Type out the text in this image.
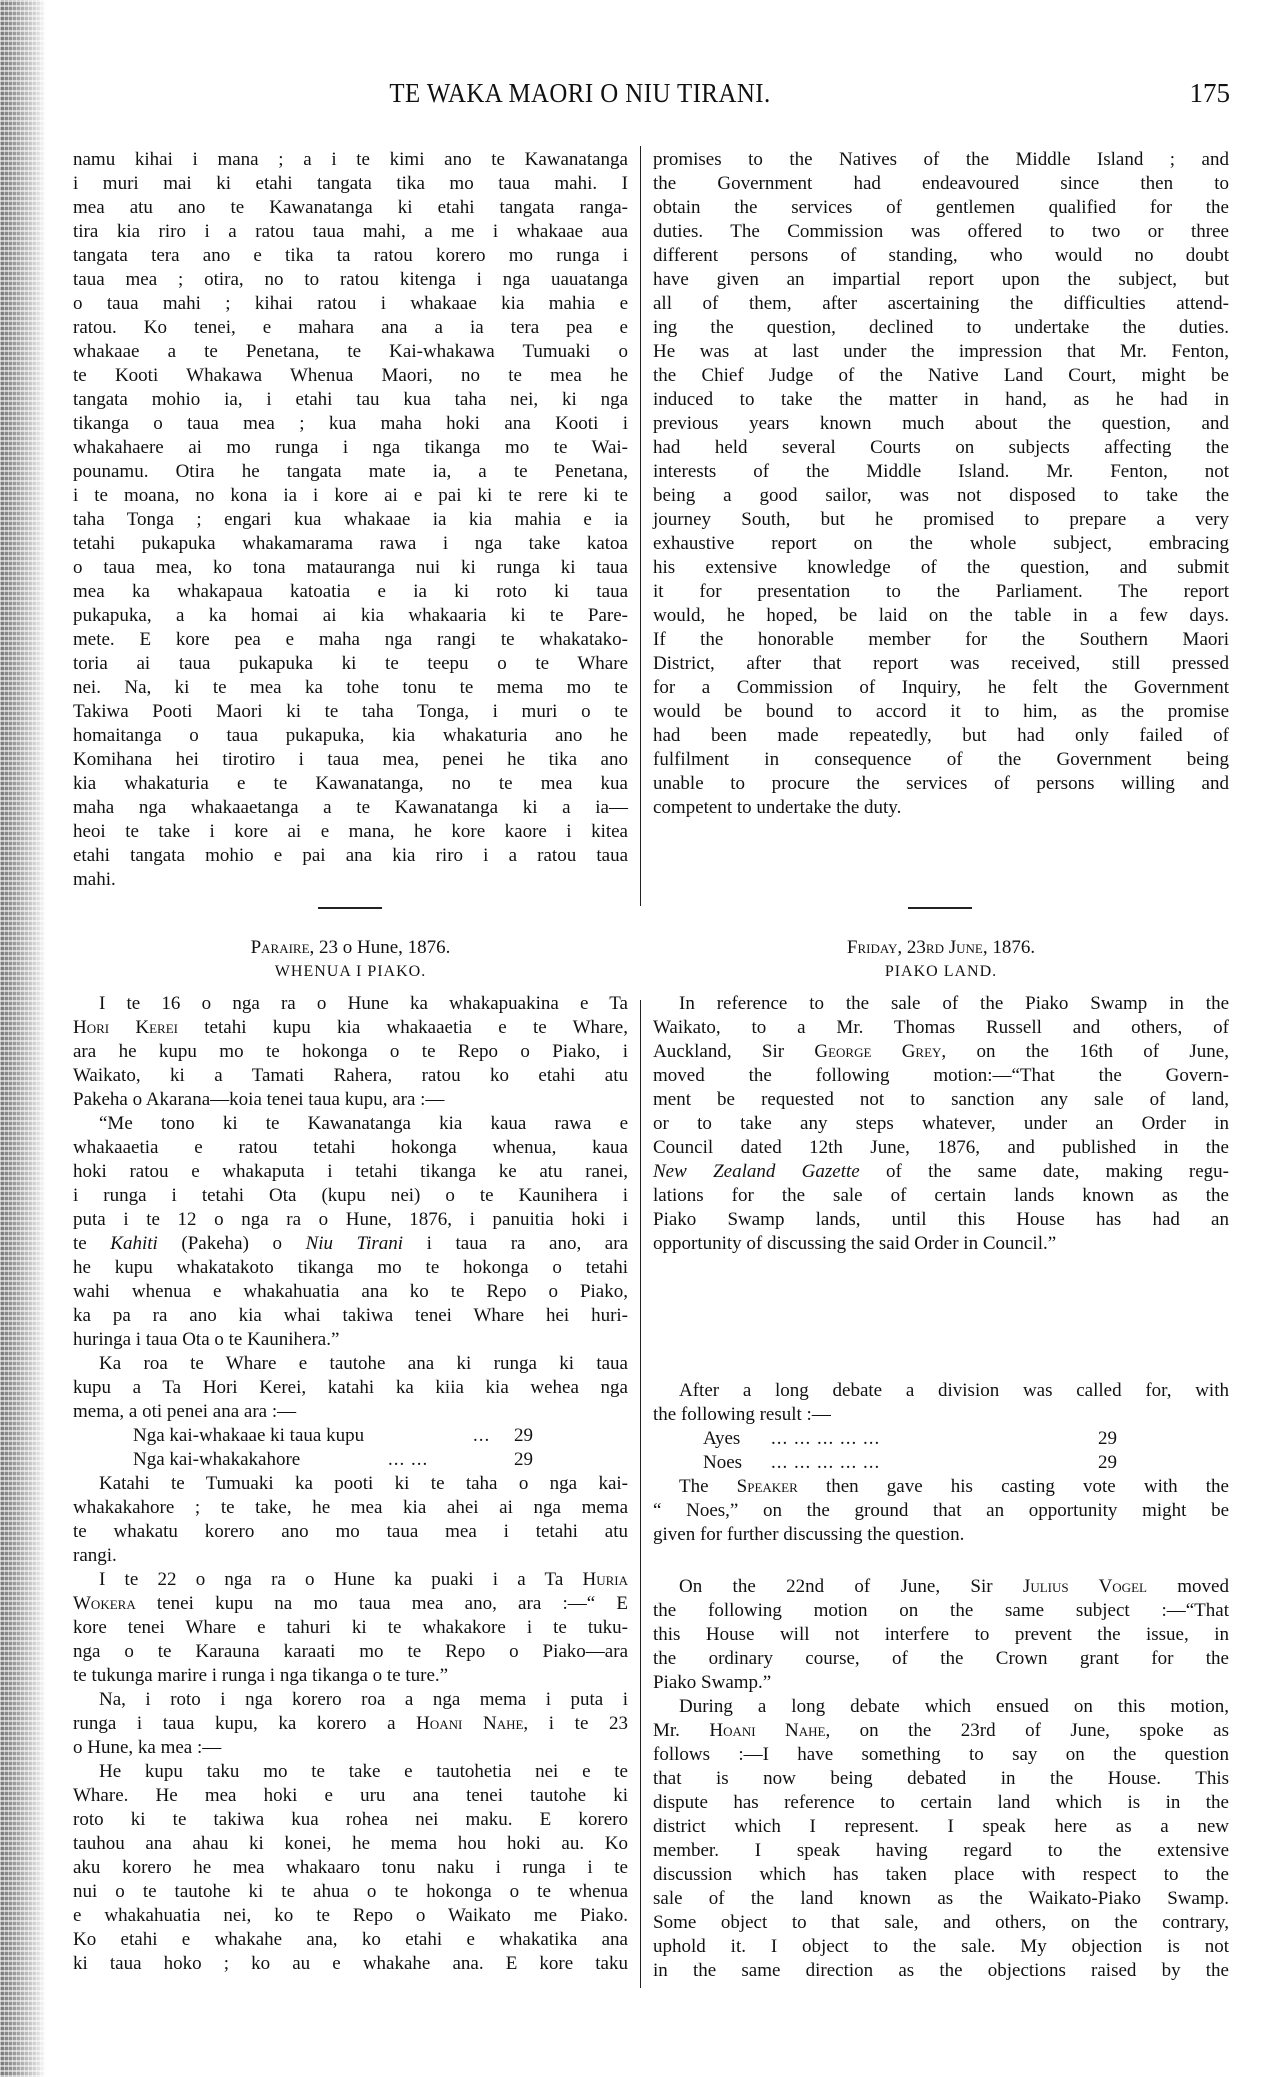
TE WAKA MAORI O NIU TIRANI.	175
namu kihai i mana ; a i te kimi ano te Kawanatanga
i muri mai ki etahi tangata tika mo taua mahi. I
mea atu ano te Kawanatanga ki etahi tangata ranga-
tira kia riro i a ratou taua mahi, a me i whakaae aua
tangata tera ano e tika ta ratou korero mo runga i
taua mea ; otira, no to ratou kitenga i nga uauatanga
o taua mahi ; kihai ratou i whakaae kia mahia e
ratou. Ko tenei, e mahara ana a ia tera pea e
whakaae a te Penetana, te Kai-whakawa Tumuaki o
te Kooti Whakawa Whenua Maori, no te mea he
tangata mohio ia, i etahi tau kua taha nei, ki nga
tikanga o taua mea ; kua maha hoki ana Kooti i
whakahaere ai mo runga i nga tikanga mo te Wai-
pounamu. Otira he tangata mate ia, a te Penetana,
i te moana, no kona ia i kore ai e pai ki te rere ki te
taha Tonga ; engari kua whakaae ia kia mahia e ia
tetahi pukapuka whakamarama rawa i nga take katoa
o taua mea, ko tona matauranga nui ki runga ki taua
mea ka whakapaua katoatia e ia ki roto ki taua
pukapuka, a ka homai ai kia whakaaria ki te Pare-
mete. E kore pea e maha nga rangi te whakatako-
toria ai taua pukapuka ki te teepu o te Whare
nei. Na, ki te mea ka tohe tonu te mema mo te
Takiwa Pooti Maori ki te taha Tonga, i muri o te
homaitanga o taua pukapuka, kia whakaturia ano he
Komihana hei tirotiro i taua mea, penei he tika ano
kia whakaturia e te Kawanatanga, no te mea kua
maha nga whakaaetanga a te Kawanatanga ki a ia—
heoi te take i kore ai e mana, he kore kaore i kitea
etahi tangata mohio e pai ana kia riro i a ratou taua
mahi.
Paraire, 23 o Hune, 1876.
WHENUA I PIAKO.
I te 16 o nga ra o Hune ka whakapuakina e Ta
Hori Kerei tetahi kupu kia whakaaetia e te Whare,
ara he kupu mo te hokonga o te Repo o Piako, i
Waikato, ki a Tamati Rahera, ratou ko etahi atu
Pakeha o Akarana—koia tenei taua kupu, ara :—
“Me tono ki te Kawanatanga kia kaua rawa e
whakaaetia e ratou tetahi hokonga whenua, kaua
hoki ratou e whakaputa i tetahi tikanga ke atu ranei,
i runga i tetahi Ota (kupu nei) o te Kaunihera i
puta i te 12 o nga ra o Hune, 1876, i panuitia hoki i
te Kahiti (Pakeha) o Niu Tirani i taua ra ano, ara
he kupu whakatakoto tikanga mo te hokonga o tetahi
wahi whenua e whakahuatia ana ko te Repo o Piako,
ka pa ra ano kia whai takiwa tenei Whare hei huri-
huringa i taua Ota o te Kaunihera.”
Ka roa te Whare e tautohe ana ki runga ki taua
kupu a Ta Hori Kerei, katahi ka kiia kia wehea nga
mema, a oti penei ana ara :—
Nga kai-whakaae ki taua kupu	...	29
Nga kai-whakakahore	... ...	29
Katahi te Tumuaki ka pooti ki te taha o nga kai-
whakakahore ; te take, he mea kia ahei ai nga mema
te whakatu korero ano mo taua mea i tetahi atu
rangi.
I te 22 o nga ra o Hune ka puaki i a Ta Huria
Wokera tenei kupu na mo taua mea ano, ara :—“ E
kore tenei Whare e tahuri ki te whakakore i te tuku-
nga o te Karauna karaati mo te Repo o Piako—ara
te tukunga marire i runga i nga tikanga o te ture.”
Na, i roto i nga korero roa a nga mema i puta i
runga i taua kupu, ka korero a Hoani Nahe, i te 23
o Hune, ka mea :—
He kupu taku mo te take e tautohetia nei e te
Whare. He mea hoki e uru ana tenei tautohe ki
roto ki te takiwa kua rohea nei maku. E korero
tauhou ana ahau ki konei, he mema hou hoki au. Ko
aku korero he mea whakaaro tonu naku i runga i te
nui o te tautohe ki te ahua o te hokonga o te whenua
e whakahuatia nei, ko te Repo o Waikato me Piako.
Ko etahi e whakahe ana, ko etahi e whakatika ana
ki taua hoko ; ko au e whakahe ana. E kore taku
promises to the Natives of the Middle Island ; and
the Government had endeavoured since then to
obtain the services of gentlemen qualified for the
duties. The Commission was offered to two or three
different persons of standing, who would no doubt
have given an impartial report upon the subject, but
all of them, after ascertaining the difficulties attend-
ing the question, declined to undertake the duties.
He was at last under the impression that Mr. Fenton,
the Chief Judge of the Native Land Court, might be
induced to take the matter in hand, as he had in
previous years known much about the question, and
had held several Courts on subjects affecting the
interests of the Middle Island. Mr. Fenton, not
being a good sailor, was not disposed to take the
journey South, but he promised to prepare a very
exhaustive report on the whole subject, embracing
his extensive knowledge of the question, and submit
it for presentation to the Parliament. The report
would, he hoped, be laid on the table in a few days.
If the honorable member for the Southern Maori
District, after that report was received, still pressed
for a Commission of Inquiry, he felt the Government
would be bound to accord it to him, as the promise
had been made repeatedly, but had only failed of
fulfilment in consequence of the Government being
unable to procure the services of persons willing and
competent to undertake the duty.
Friday, 23rd June, 1876.
PIAKO LAND.
In reference to the sale of the Piako Swamp in the
Waikato, to a Mr. Thomas Russell and others, of
Auckland, Sir George Grey, on the 16th of June,
moved the following motion:—“That the Govern-
ment be requested not to sanction any sale of land,
or to take any steps whatever, under an Order in
Council dated 12th June, 1876, and published in the
New Zealand Gazette of the same date, making regu-
lations for the sale of certain lands known as the
Piako Swamp lands, until this House has had an
opportunity of discussing the said Order in Council.”
After a long debate a division was called for, with
the following result :—
Ayes ... ... ... ... ...	29
Noes ... ... ... ... ...	29
The Speaker then gave his casting vote with the
“ Noes,” on the ground that an opportunity might be
given for further discussing the question.
On the 22nd of June, Sir Julius Vogel moved
the following motion on the same subject :—“That
this House will not interfere to prevent the issue, in
the ordinary course, of the Crown grant for the
Piako Swamp.”
During a long debate which ensued on this motion,
Mr. Hoani Nahe, on the 23rd of June, spoke as
follows :—I have something to say on the question
that is now being debated in the House. This
dispute has reference to certain land which is in the
district which I represent. I speak here as a new
member. I speak having regard to the extensive
discussion which has taken place with respect to the
sale of the land known as the Waikato-Piako Swamp.
Some object to that sale, and others, on the contrary,
uphold it. I object to the sale. My objection is not
in the same direction as the objections raised by the
